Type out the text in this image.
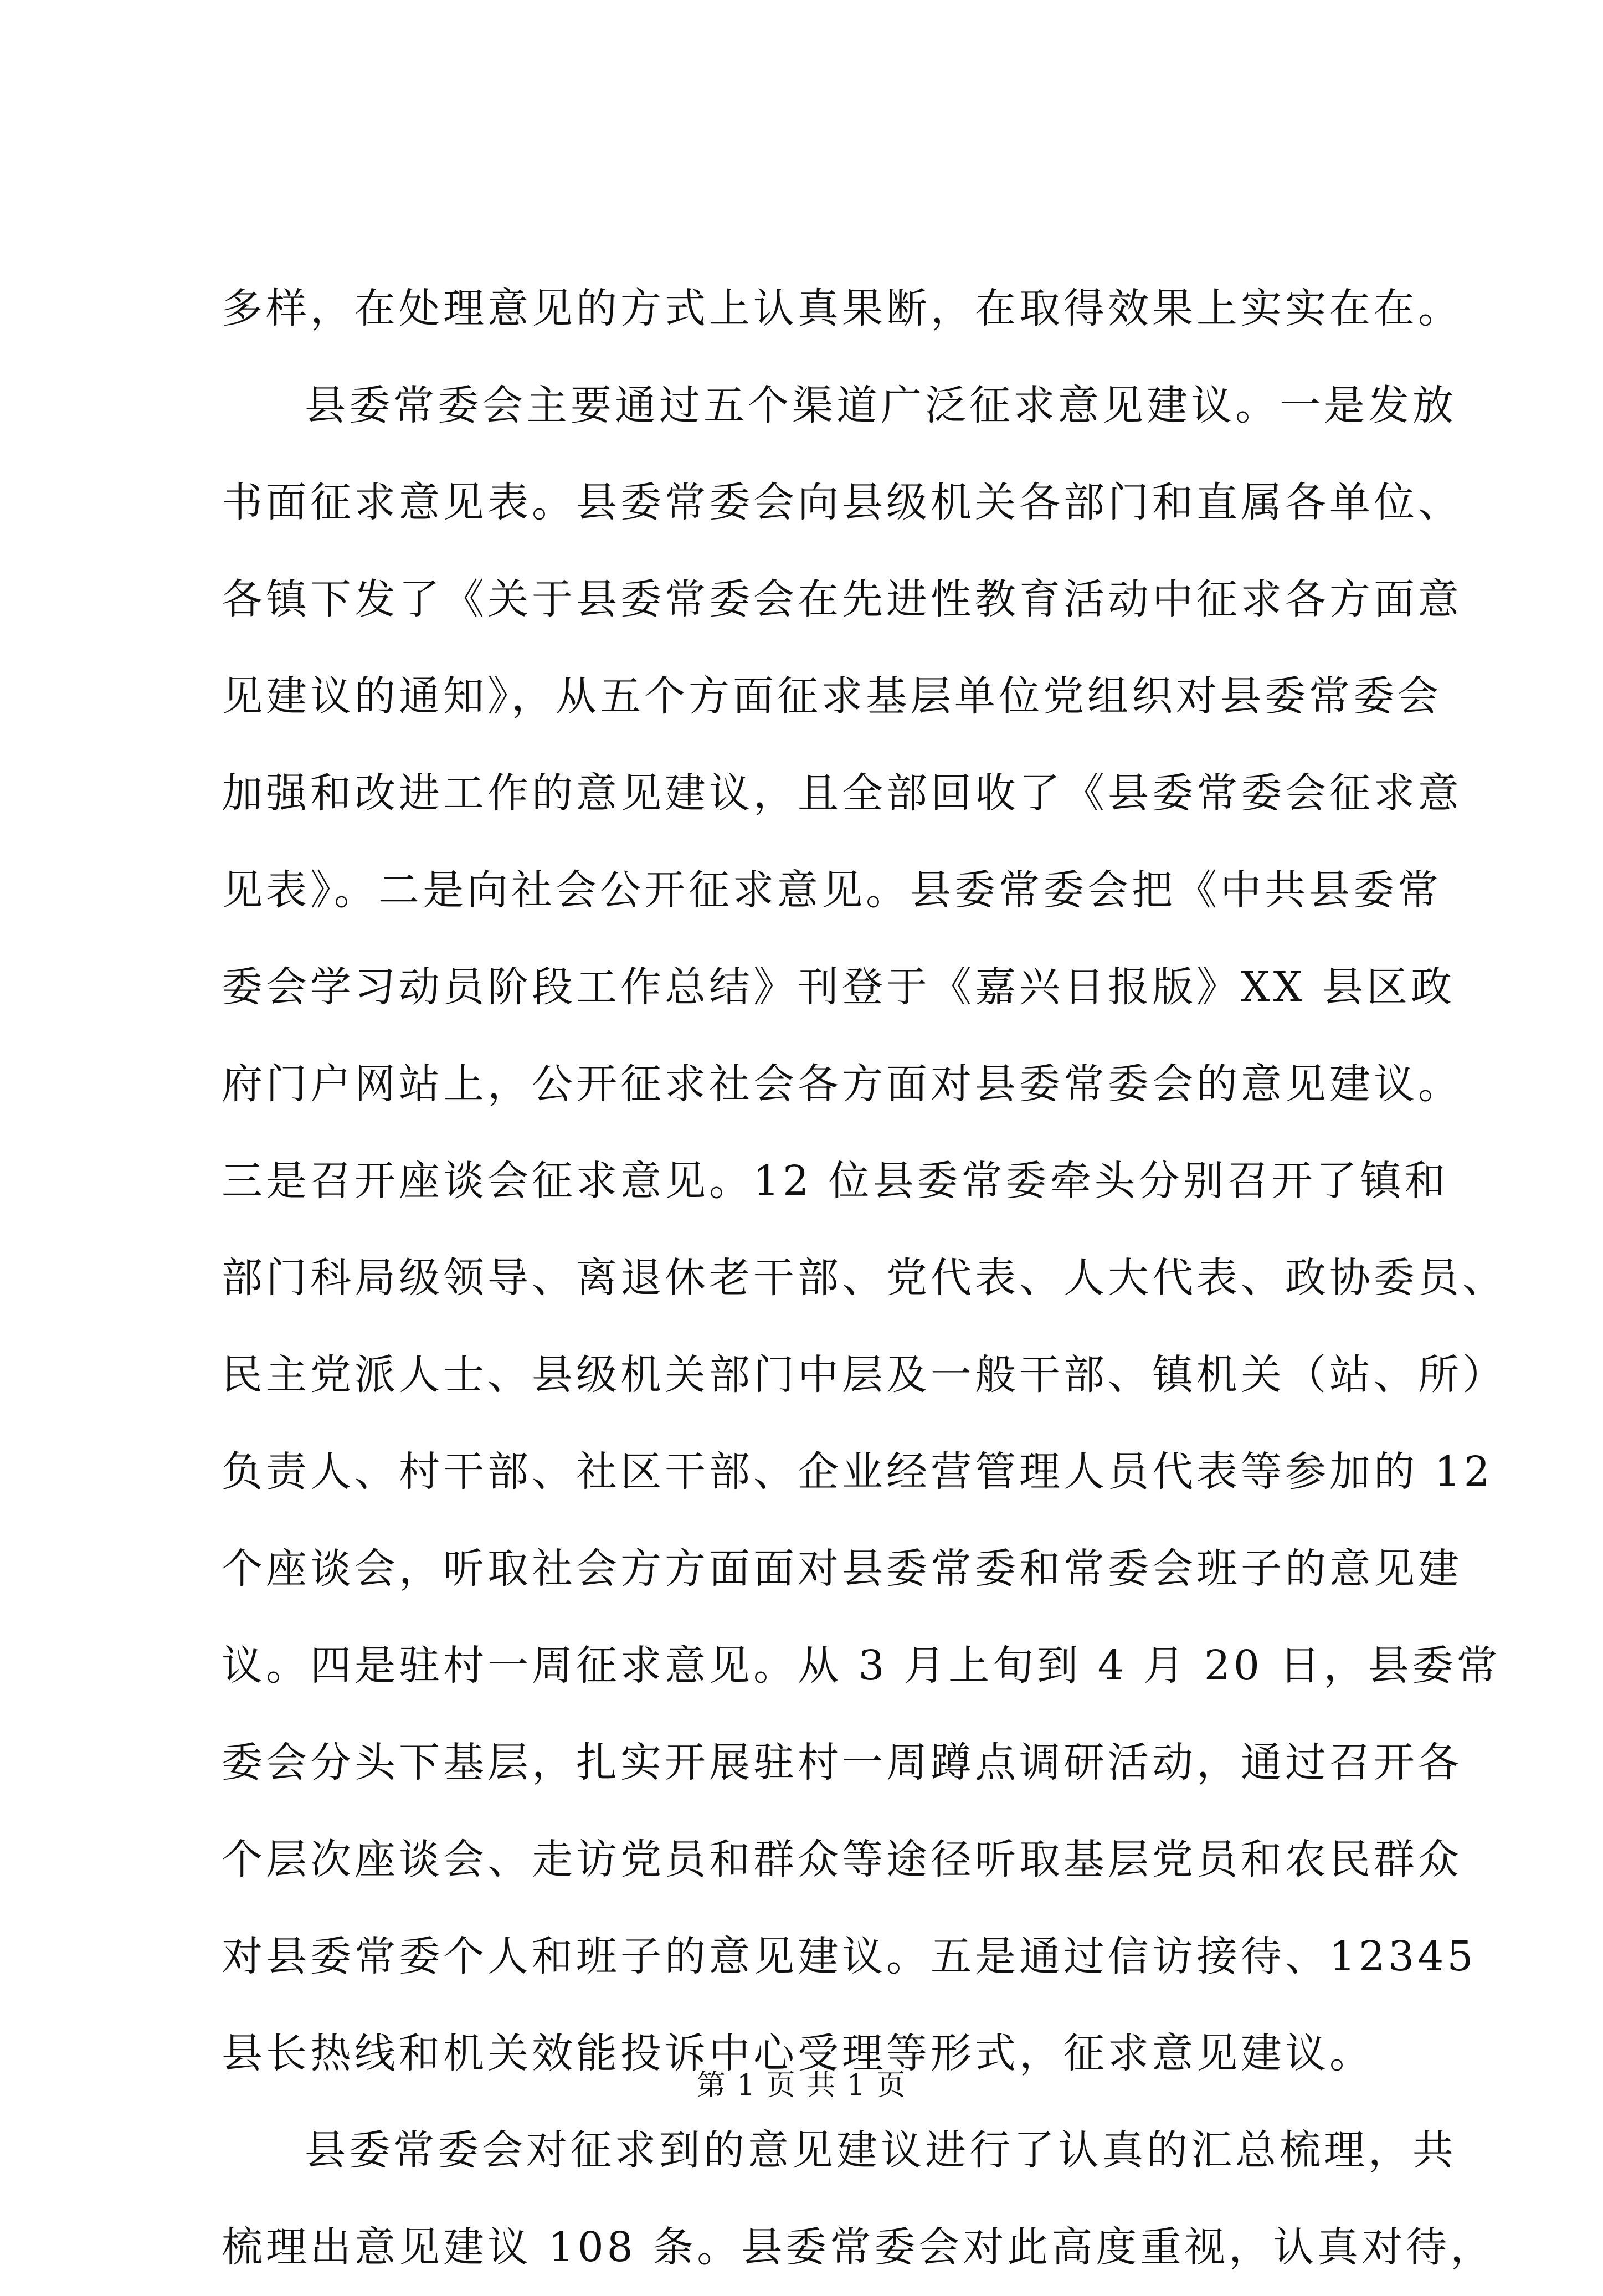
多样，在处理意见的方式上认真果断，在取得效果上实实在在。
县委常委会主要通过五个渠道广泛征求意见建议。一是发放
书面征求意见表。县委常委会向县级机关各部门和直属各单位、
各镇下发了《关于县委常委会在先进性教育活动中征求各方面意
见建议的通知》，从五个方面征求基层单位党组织对县委常委会
加强和改进工作的意见建议，且全部回收了《县委常委会征求意
见表》。二是向社会公开征求意见。县委常委会把《中共县委常
委会学习动员阶段工作总结》刊登于《嘉兴日报版》XX 县区政
府门户网站上，公开征求社会各方面对县委常委会的意见建议。
三是召开座谈会征求意见。12 位县委常委牵头分别召开了镇和
部门科局级领导、离退休老干部、党代表、人大代表、政协委员、
民主党派人士、县级机关部门中层及一般干部、镇机关（站、所）
负责人、村干部、社区干部、企业经营管理人员代表等参加的 12
个座谈会，听取社会方方面面对县委常委和常委会班子的意见建
议。四是驻村一周征求意见。从 3 月上旬到 4 月 20 日，县委常
委会分头下基层，扎实开展驻村一周蹲点调研活动，通过召开各
个层次座谈会、走访党员和群众等途径听取基层党员和农民群众
对县委常委个人和班子的意见建议。五是通过信访接待、12345
县长热线和机关效能投诉中心受理等形式，征求意见建议。
县委常委会对征求到的意见建议进行了认真的汇总梳理，共
梳理出意见建议 108 条。县委常委会对此高度重视，认真对待，
第 1 页 共 1 页
